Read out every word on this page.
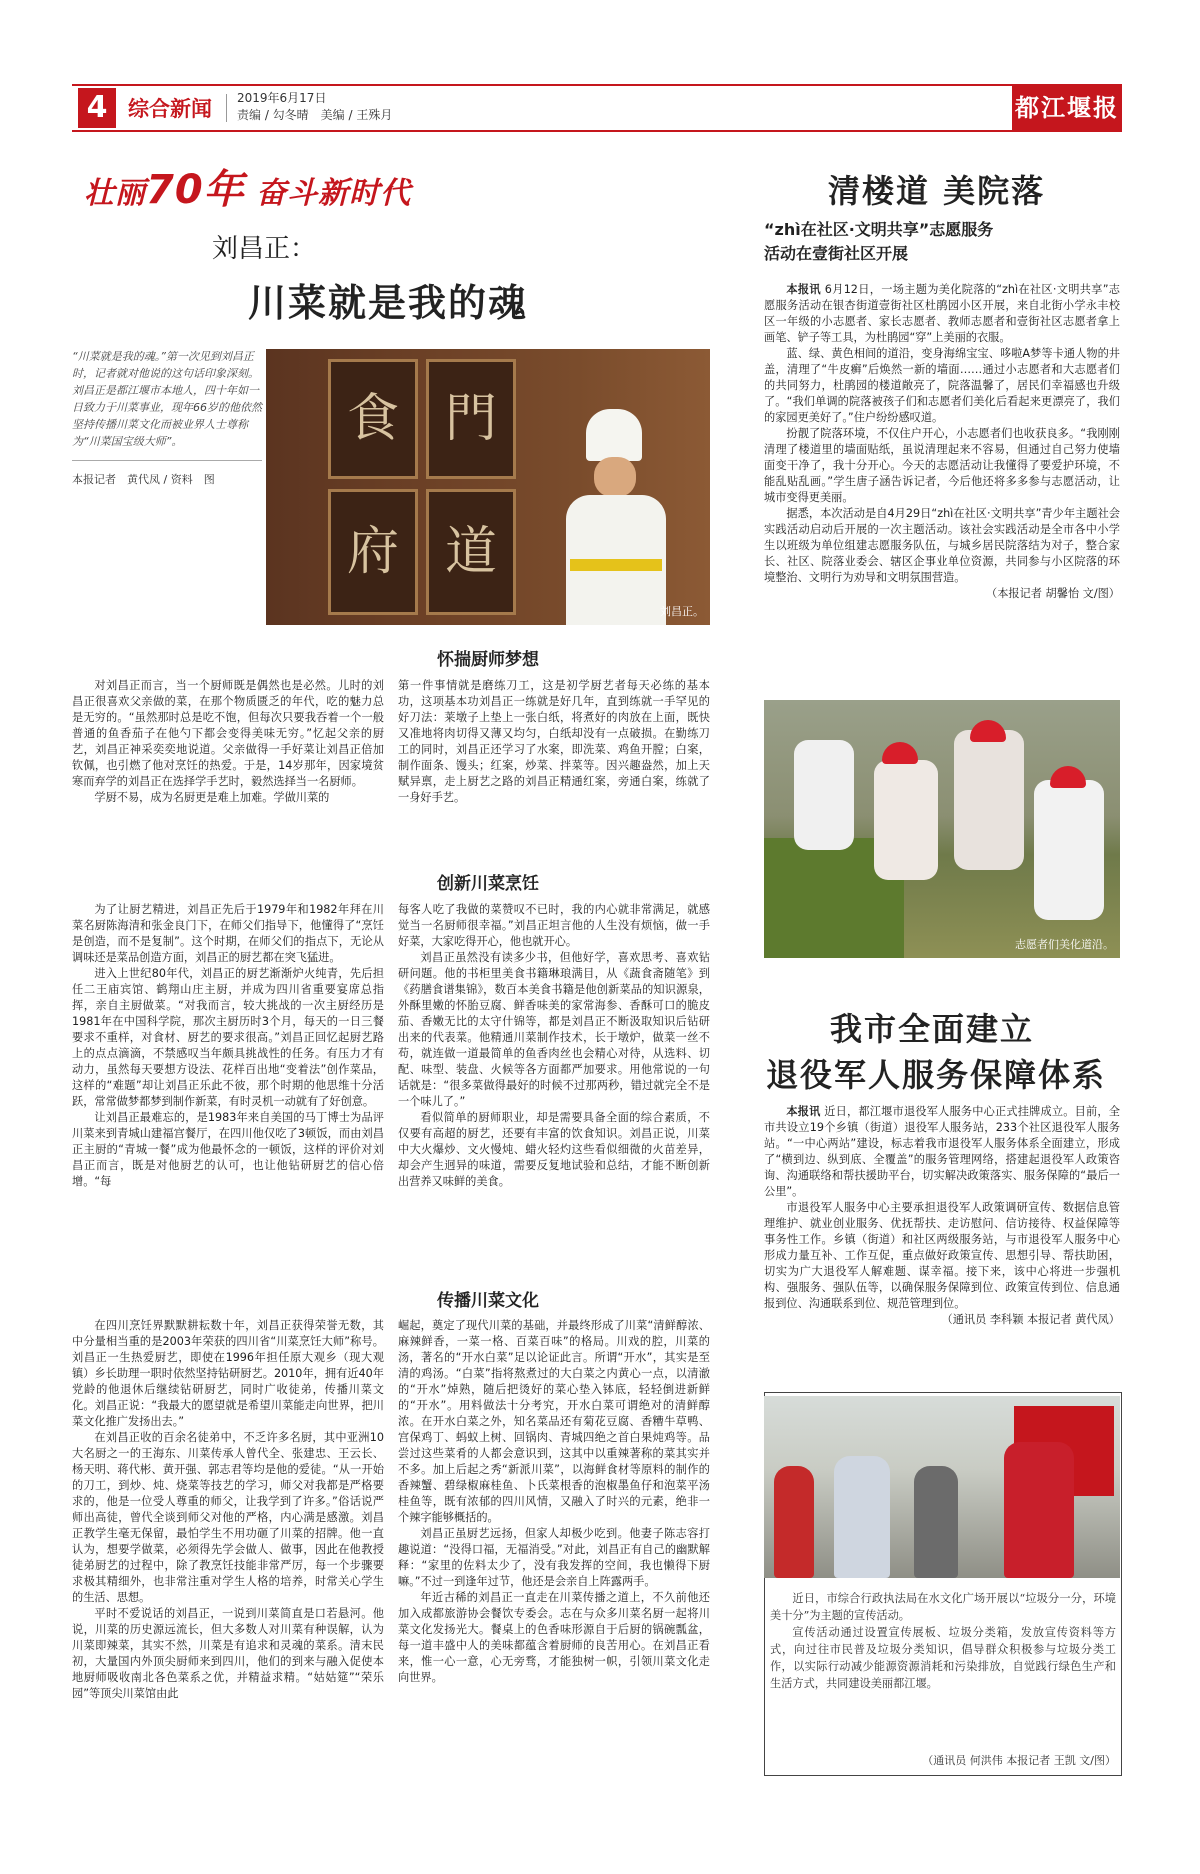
4 综合新闻 2019年6月17日
责编 / 勾冬晴　美编 / 王殊月	都江堰报
壮丽70年 奋斗新时代
刘昌正：
川菜就是我的魂
“川菜就是我的魂。”第一次见到刘昌正时，记者就对他说的这句话印象深刻。刘昌正是都江堰市本地人，四十年如一日致力于川菜事业，现年66岁的他依然坚持传播川菜文化而被业界人士尊称为“川菜国宝级大师”。
本报记者　黄代凤 / 资料　图
食 門
府 道
刘昌正。
怀揣厨师梦想

对刘昌正而言，当一个厨师既是偶然也是必然。儿时的刘昌正很喜欢父亲做的菜，在那个物质匮乏的年代，吃的魅力总是无穷的。“虽然那时总是吃不饱，但每次只要我吞着一个一般普通的鱼香茄子在他勺下都会变得美味无穷。”忆起父亲的厨艺，刘昌正神采奕奕地说道。父亲做得一手好菜让刘昌正倍加钦佩，也引燃了他对烹饪的热爱。于是，14岁那年，因家境贫寒而弃学的刘昌正在选择学手艺时，毅然选择当一名厨师。

学厨不易，成为名厨更是难上加难。学做川菜的

第一件事情就是磨练刀工，这是初学厨艺者每天必练的基本功，这项基本功刘昌正一练就是好几年，直到练就一手罕见的好刀法：莱墩子上垫上一张白纸，将煮好的肉放在上面，既快又准地将肉切得又薄又均匀，白纸却没有一点破损。在勤练刀工的同时，刘昌正还学习了水案，即洗菜、鸡鱼开膛；白案，制作面条、馒头；红案，炒菜、拌菜等。因兴趣盎然，加上天赋异禀，走上厨艺之路的刘昌正精通红案，旁通白案，练就了一身好手艺。

创新川菜烹饪

为了让厨艺精进，刘昌正先后于1979年和1982年拜在川菜名厨陈海清和张金良门下，在师父们指导下，他懂得了“烹饪是创造，而不是复制”。这个时期，在师父们的指点下，无论从调味还是菜品创造方面，刘昌正的厨艺都在突飞猛进。

进入上世纪80年代，刘昌正的厨艺渐渐炉火纯青，先后担任二王庙宾馆、鹤翔山庄主厨，并成为四川省重要宴席总指挥，亲自主厨做菜。“对我而言，较大挑战的一次主厨经历是1981年在中国科学院，那次主厨历时3个月，每天的一日三餐要求不重样，对食材、厨艺的要求很高。”刘昌正回忆起厨艺路上的点点滴滴，不禁感叹当年颇具挑战性的任务。有压力才有动力，虽然每天要想方设法、花样百出地“变着法”创作菜品，这样的“难题”却让刘昌正乐此不彼，那个时期的他思维十分活跃，常常做梦都梦到制作新菜，有时灵机一动就有了好创意。

让刘昌正最难忘的，是1983年来自美国的马丁博士为品评川菜来到青城山建福宫餐厅，在四川他仅吃了3顿饭，而由刘昌正主厨的“青城一餐”成为他最怀念的一顿饭，这样的评价对刘昌正而言，既是对他厨艺的认可，也让他钻研厨艺的信心倍增。“每

每客人吃了我做的菜赞叹不已时，我的内心就非常满足，就感觉当一名厨师很幸福。”刘昌正坦言他的人生没有烦恼，做一手好菜，大家吃得开心，他也就开心。

刘昌正虽然没有读多少书，但他好学，喜欢思考、喜欢钻研问题。他的书柜里美食书籍琳琅满目，从《蔬食斋随笔》到《药膳食谱集锦》，数百本美食书籍是他创新菜品的知识源泉，外酥里嫩的怀胎豆腐、鲜香味美的家常海参、香酥可口的脆皮茄、香嫩无比的太守什锦等，都是刘昌正不断汲取知识后钻研出来的代表菜。他精通川菜制作技术，长于墩炉，做菜一丝不苟，就连做一道最简单的鱼香肉丝也会精心对待，从选料、切配、味型、装盘、火候等各方面都严加要求。用他常说的一句话就是：“很多菜做得最好的时候不过那两秒，错过就完全不是一个味儿了。”

看似简单的厨师职业，却是需要具备全面的综合素质，不仅要有高超的厨艺，还要有丰富的饮食知识。刘昌正说，川菜中大火爆炒、文火慢炖、蜡火轻灼这些看似细微的火苗差异，却会产生迥异的味道，需要反复地试验和总结，才能不断创新出营养又味鲜的美食。

传播川菜文化

在四川烹饪界默默耕耘数十年，刘昌正获得荣誉无数，其中分量相当重的是2003年荣获的四川省“川菜烹饪大师”称号。刘昌正一生热爱厨艺，即使在1996年担任原大观乡（现大观镇）乡长助理一职时依然坚持钻研厨艺。2010年，拥有近40年党龄的他退休后继续钻研厨艺，同时广收徒弟，传播川菜文化。刘昌正说：“我最大的愿望就是希望川菜能走向世界，把川菜文化推广发扬出去。”

在刘昌正收的百余名徒弟中，不乏许多名厨，其中亚洲10大名厨之一的王海东、川菜传承人曾代全、张建忠、王云长、杨天明、蒋代彬、黄开强、郭志君等均是他的爱徒。“从一开始的刀工，到炒、炖、烧菜等技艺的学习，师父对我都是严格要求的，他是一位受人尊重的师父，让我学到了许多。”俗话说严师出高徒，曾代全谈到师父对他的严格，内心满是感激。刘昌正教学生毫无保留，最怕学生不用功砸了川菜的招牌。他一直认为，想要学做菜，必须得先学会做人、做事，因此在他教授徒弟厨艺的过程中，除了教烹饪技能非常严厉，每一个步骤要求极其精细外，也非常注重对学生人格的培养，时常关心学生的生活、思想。

平时不爱说话的刘昌正，一说到川菜简直是口若悬河。他说，川菜的历史源远流长，但大多数人对川菜有种误解，认为川菜即辣菜，其实不然，川菜是有追求和灵魂的菜系。清末民初，大量国内外顶尖厨师来到四川，他们的到来与融入促使本地厨师吸收南北各色菜系之优，并精益求精。“姑姑筵”“荣乐园”等顶尖川菜馆由此

崛起，奠定了现代川菜的基础，并最终形成了川菜“清鲜醇浓、麻辣鲜香，一菜一格、百菜百味”的格局。川戏的腔，川菜的汤，著名的“开水白菜”足以论证此言。所谓“开水”，其实是至清的鸡汤。“白菜”指将熬煮过的大白菜之内黄心一点，以清澈的“开水”焯熟，随后把烫好的菜心垫入钵底，轻轻倒进新鲜的“开水”。用料做法十分考究，开水白菜可谓绝对的清鲜醇浓。在开水白菜之外，知名菜品还有菊花豆腐、香糟牛草鸭、宫保鸡丁、蚂蚁上树、回锅肉、青城四绝之首白果炖鸡等。品尝过这些菜肴的人都会意识到，这其中以重辣著称的菜其实并不多。加上后起之秀“新派川菜”，以海鲜食材等原料的制作的香辣蟹、碧绿椒麻桂鱼、卜氏菜根香的泡椒墨鱼仔和泡菜平汤桂鱼等，既有浓郁的四川风情，又融入了时兴的元素，绝非一个辣字能够概括的。

刘昌正虽厨艺远扬，但家人却极少吃到。他妻子陈志容打趣说道：“没得口福，无福消受。”对此，刘昌正有自己的幽默解释：“家里的佐料太少了，没有我发挥的空间，我也懒得下厨嘛。”不过一到逢年过节，他还是会亲自上阵露两手。

年近古稀的刘昌正一直走在川菜传播之道上，不久前他还加入成都旅游协会餐饮专委会。志在与众多川菜名厨一起将川菜文化发扬光大。餐桌上的色香味形源自于后厨的锅碗瓢盆，每一道丰盛中人的美味都蕴含着厨师的良苦用心。在刘昌正看来，惟一心一意，心无旁骛，才能独树一帜，引领川菜文化走向世界。

清楼道 美院落
“zhì在社区·文明共享”志愿服务
活动在壹街社区开展

本报讯 6月12日，一场主题为美化院落的“zhì在社区·文明共享”志愿服务活动在银杏街道壹街社区杜鹃园小区开展，来自北街小学永丰校区一年级的小志愿者、家长志愿者、教师志愿者和壹街社区志愿者拿上画笔、铲子等工具，为杜鹃园“穿”上美丽的衣服。

蓝、绿、黄色相间的道沿，变身海绵宝宝、哆啦A梦等卡通人物的井盖，清理了“牛皮癣”后焕然一新的墙面……通过小志愿者和大志愿者们的共同努力，杜鹃园的楼道敞亮了，院落温馨了，居民们幸福感也升级了。“我们单调的院落被孩子们和志愿者们美化后看起来更漂亮了，我们的家园更美好了。”住户纷纷感叹道。

扮靓了院落环境，不仅住户开心，小志愿者们也收获良多。“我刚刚清理了楼道里的墙面贴纸，虽说清理起来不容易，但通过自己努力使墙面变干净了，我十分开心。今天的志愿活动让我懂得了要爱护环境，不能乱贴乱画。”学生唐子涵告诉记者，今后他还将多多参与志愿活动，让城市变得更美丽。

据悉，本次活动是自4月29日“zhì在社区·文明共享”青少年主题社会实践活动启动后开展的一次主题活动。该社会实践活动是全市各中小学生以班级为单位组建志愿服务队伍，与城乡居民院落结为对子，整合家长、社区、院落业委会、辖区企事业单位资源，共同参与小区院落的环境整治、文明行为劝导和文明氛围营造。
（本报记者 胡馨怡 文/图）

志愿者们美化道沿。
我市全面建立
退役军人服务保障体系

本报讯 近日，都江堰市退役军人服务中心正式挂牌成立。目前，全市共设立19个乡镇（街道）退役军人服务站，233个社区退役军人服务站。“一中心两站”建设，标志着我市退役军人服务体系全面建立，形成了“横到边、纵到底、全覆盖”的服务管理网络，搭建起退役军人政策咨询、沟通联络和帮扶援助平台，切实解决政策落实、服务保障的“最后一公里”。

市退役军人服务中心主要承担退役军人政策调研宣传、数据信息管理维护、就业创业服务、优抚帮扶、走访慰问、信访接待、权益保障等事务性工作。乡镇（街道）和社区两级服务站，与市退役军人服务中心形成力量互补、工作互促，重点做好政策宣传、思想引导、帮扶助困，切实为广大退役军人解难题、谋幸福。接下来，该中心将进一步强机构、强服务、强队伍等，以确保服务保障到位、政策宣传到位、信息通报到位、沟通联系到位、规范管理到位。
（通讯员 李科颖 本报记者 黄代凤）

近日，市综合行政执法局在水文化广场开展以“垃圾分一分，环境美十分”为主题的宣传活动。

宣传活动通过设置宣传展板、垃圾分类箱，发放宣传资料等方式，向过往市民普及垃圾分类知识，倡导群众积极参与垃圾分类工作，以实际行动减少能源资源消耗和污染排放，自觉践行绿色生产和生活方式，共同建设美丽都江堰。

（通讯员 何洪伟 本报记者 王凯 文/图）
